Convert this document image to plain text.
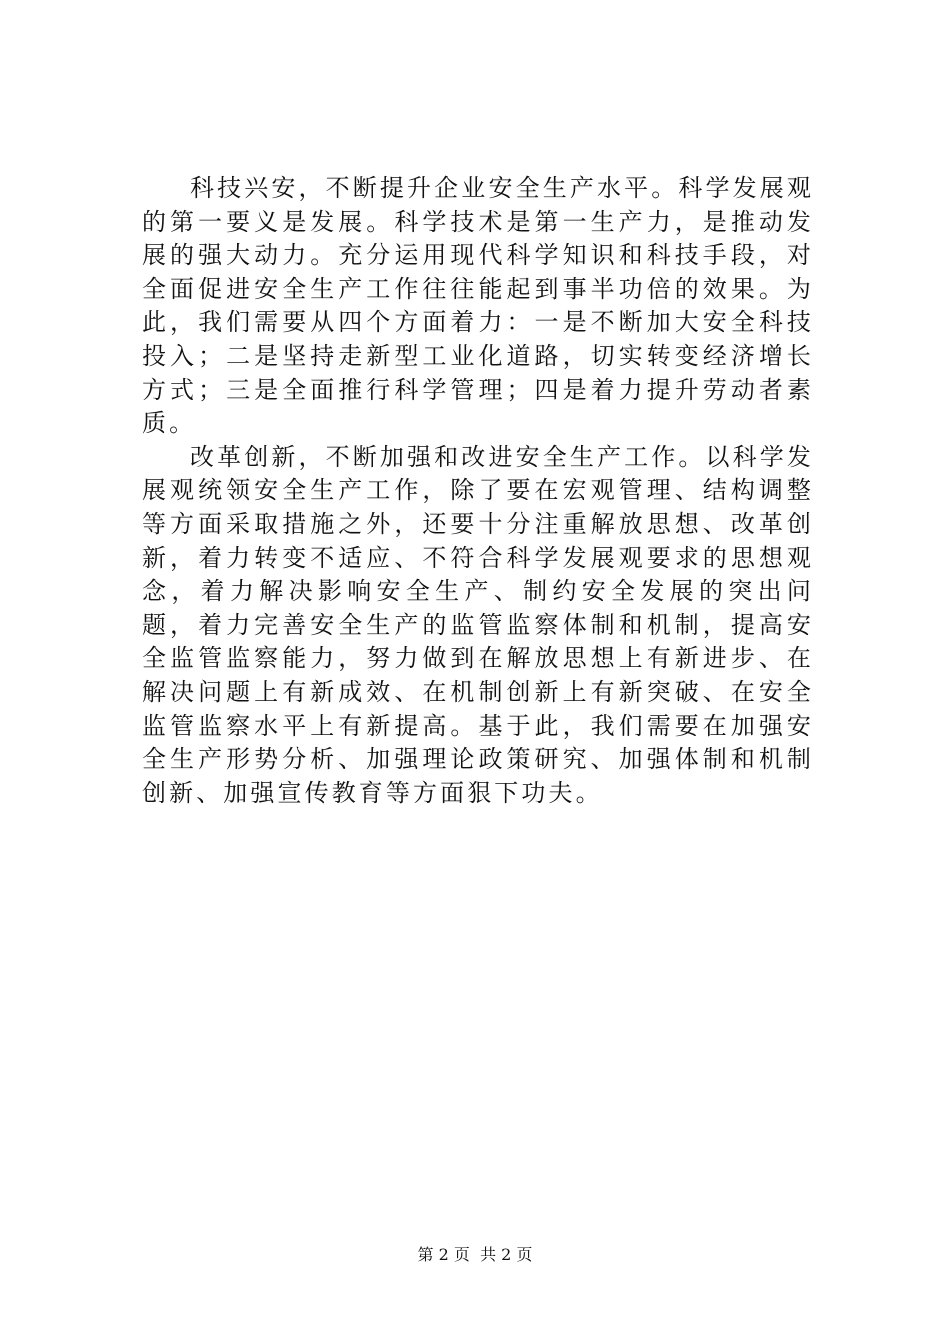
科技兴安，不断提升企业安全生产水平。科学发展观的第一要义是发展。科学技术是第一生产力，是推动发展的强大动力。充分运用现代科学知识和科技手段，对全面促进安全生产工作往往能起到事半功倍的效果。为此，我们需要从四个方面着力：一是不断加大安全科技投入；二是坚持走新型工业化道路，切实转变经济增长方式；三是全面推行科学管理；四是着力提升劳动者素质。

改革创新，不断加强和改进安全生产工作。以科学发展观统领安全生产工作，除了要在宏观管理、结构调整等方面采取措施之外，还要十分注重解放思想、改革创新，着力转变不适应、不符合科学发展观要求的思想观念，着力解决影响安全生产、制约安全发展的突出问题，着力完善安全生产的监管监察体制和机制，提高安全监管监察能力，努力做到在解放思想上有新进步、在解决问题上有新成效、在机制创新上有新突破、在安全监管监察水平上有新提高。基于此，我们需要在加强安全生产形势分析、加强理论政策研究、加强体制和机制创新、加强宣传教育等方面狠下功夫。

第 2 页  共 2 页
